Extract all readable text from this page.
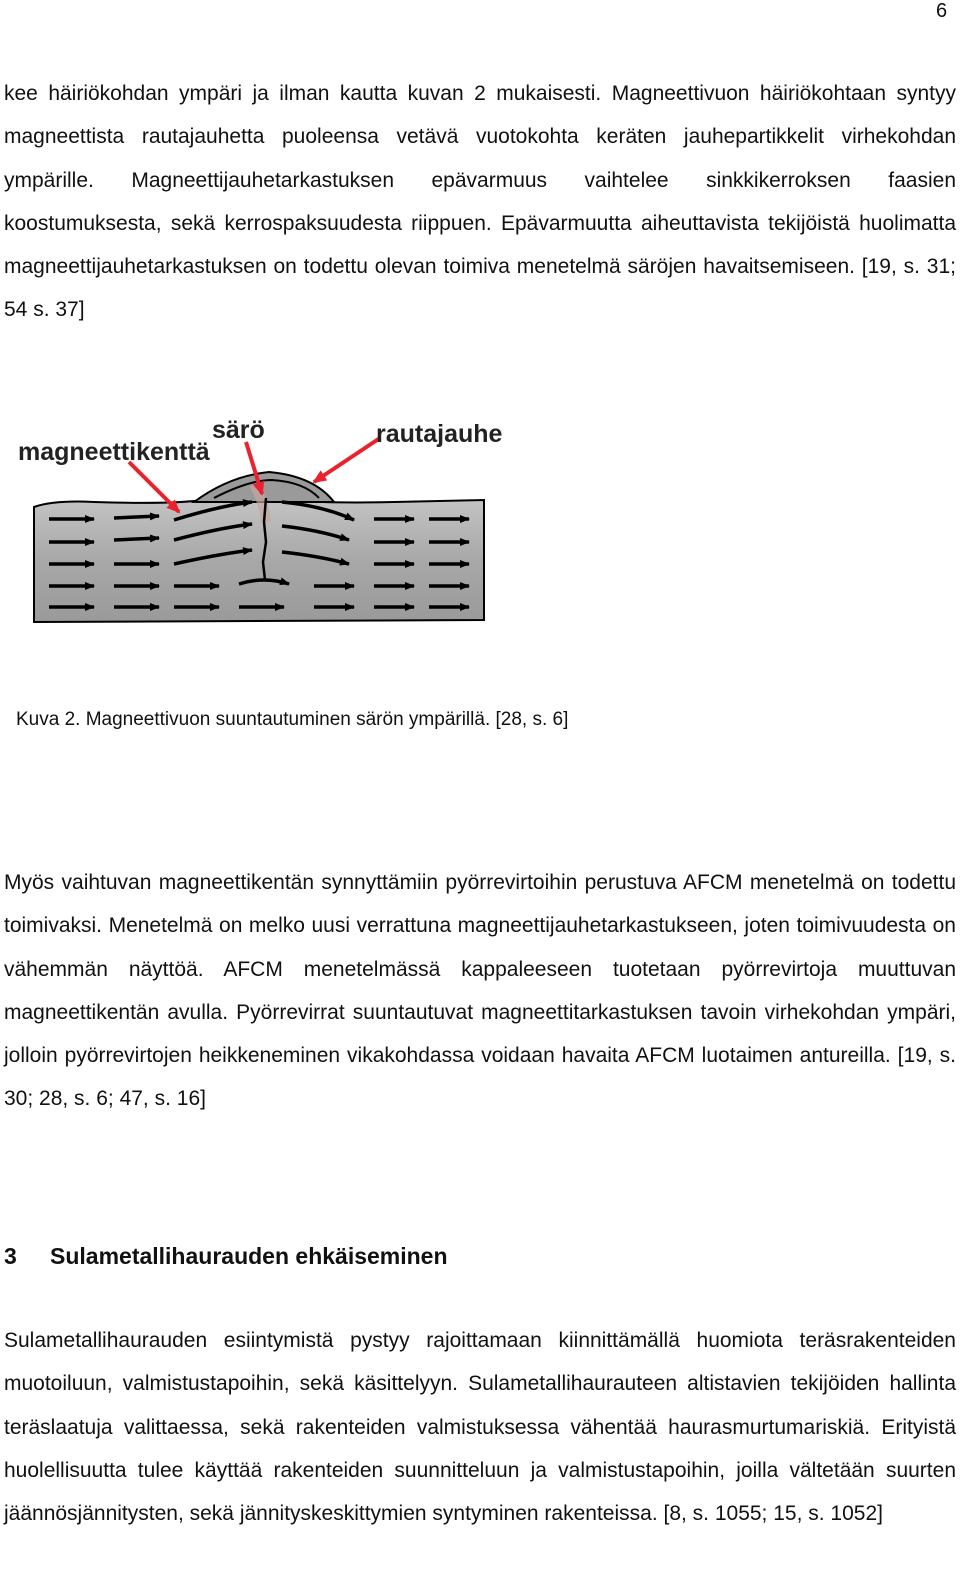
6

kee häiriökohdan ympäri ja ilman kautta kuvan 2 mukaisesti. Magneettivuon häiriökohtaan syntyy magneettista rautajauhetta puoleensa vetävä vuotokohta keräten jauhepartikkelit virhekohdan ympärille. Magneettijauhetarkastuksen epävarmuus vaihtelee sinkkikerroksen faasien koostumuksesta, sekä kerrospaksuudesta riippuen. Epävarmuutta aiheuttavista tekijöistä huolimatta magneettijauhetarkastuksen on todettu olevan toimiva menetelmä säröjen havaitsemiseen. [19, s. 31; 54 s. 37]

magneettikenttä
särö	rautajauhe
Kuva 2. Magneettivuon suuntautuminen särön ympärillä. [28, s. 6]

Myös vaihtuvan magneettikentän synnyttämiin pyörrevirtoihin perustuva AFCM menetelmä on todettu toimivaksi. Menetelmä on melko uusi verrattuna magneettijauhetarkastukseen, joten toimivuudesta on vähemmän näyttöä. AFCM menetelmässä kappaleeseen tuotetaan pyörrevirtoja muuttuvan magneettikentän avulla. Pyörrevirrat suuntautuvat magneettitarkastuksen tavoin virhekohdan ympäri, jolloin pyörrevirtojen heikkeneminen vikakohdassa voidaan havaita AFCM luotaimen antureilla. [19, s. 30; 28, s. 6; 47, s. 16]

3 Sulametallihaurauden ehkäiseminen

Sulametallihaurauden esiintymistä pystyy rajoittamaan kiinnittämällä huomiota teräsrakenteiden muotoiluun, valmistustapoihin, sekä käsittelyyn. Sulametallihaurauteen altistavien tekijöiden hallinta teräslaatuja valittaessa, sekä rakenteiden valmistuksessa vähentää haurasmurtumariskiä. Erityistä huolellisuutta tulee käyttää rakenteiden suunnitteluun ja valmistustapoihin, joilla vältetään suurten jäännösjännitysten, sekä jännityskeskittymien syntyminen rakenteissa. [8, s. 1055; 15, s. 1052]
